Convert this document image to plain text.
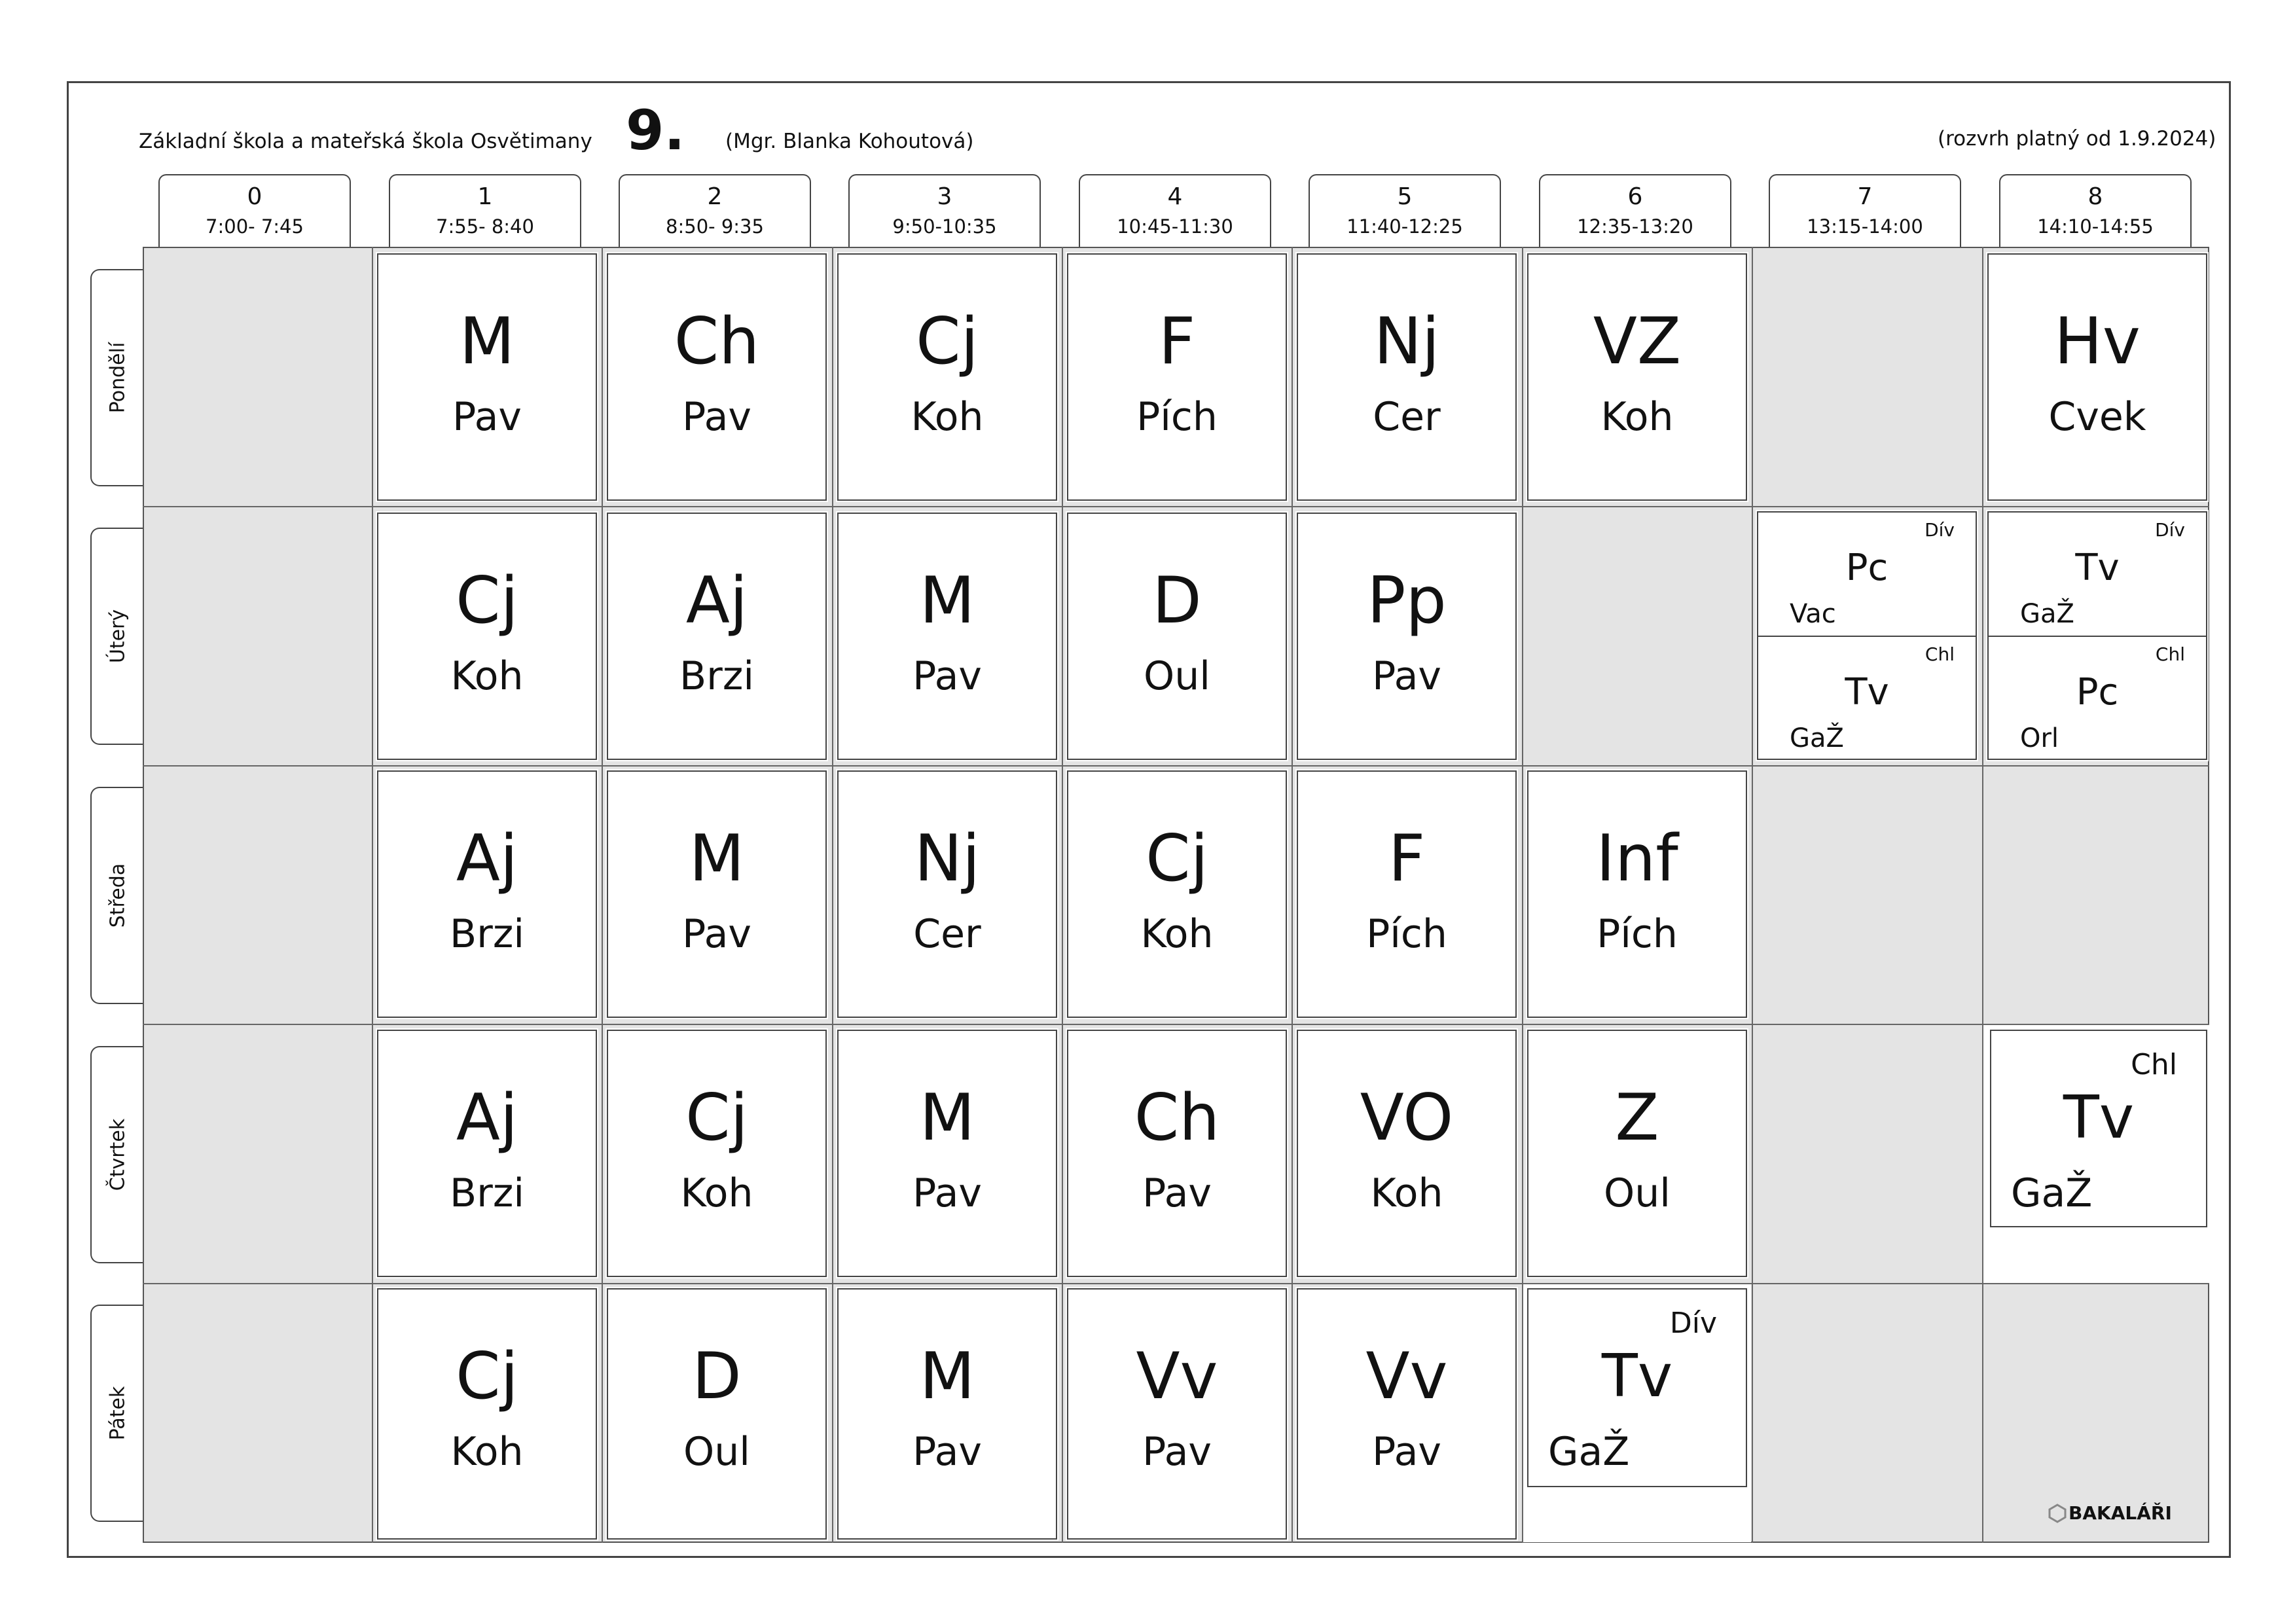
Základní škola a mateřská škola Osvětimany 9. (Mgr. Blanka Kohoutová)	(rozvrh platný od 1.9.2024)
0
7:00- 7:45
1
7:55- 8:40
2
8:50- 9:35
3
9:50-10:35
4
10:45-11:30
5
11:40-12:25
6
12:35-13:20
7
13:15-14:00
8
14:10-14:55
Pondělí
Úterý
Středa
Čtvrtek
Pátek
M
Pav
Ch
Pav
Cj
Koh
F
Pích
Nj
Cer
VZ
Koh
Hv
Cvek
Cj
Koh
Aj
Brzi
M
Pav
D
Oul
Pp
Pav
Dív
Pc
Vac
Chl
Tv
GaŽ
Dív
Tv
GaŽ
Chl
Pc
Orl
Aj
Brzi
M
Pav
Nj
Cer
Cj
Koh
F
Pích
Inf
Pích
Aj
Brzi
Cj
Koh
M
Pav
Ch
Pav
VO
Koh
Z
Oul
Chl
Tv
GaŽ
Cj
Koh
D
Oul
M
Pav
Vv
Pav
Vv
Pav
Dív
Tv
GaŽ
BAKALÁŘI
